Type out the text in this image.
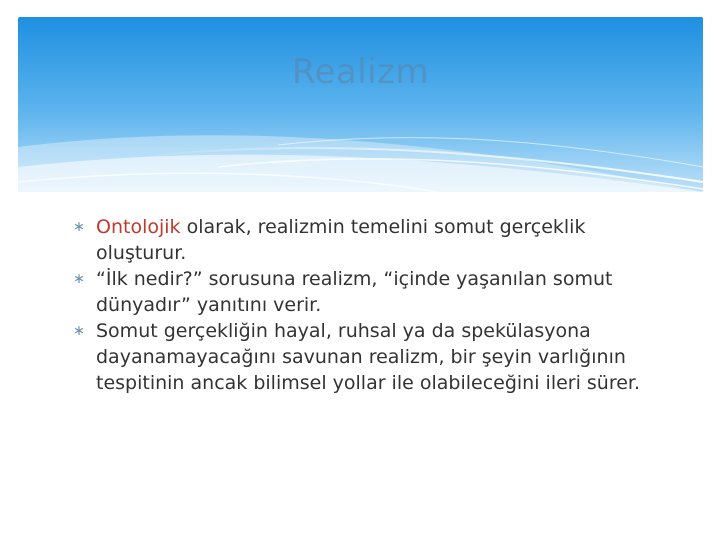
Realizm
∗ Ontolojik olarak, realizmin temelini somut gerçeklik oluşturur.
∗ “İlk nedir?” sorusuna realizm, “içinde yaşanılan somut dünyadır” yanıtını verir.
∗ Somut gerçekliğin hayal, ruhsal ya da spekülasyona dayanamayacağını savunan realizm, bir şeyin varlığının tespitinin ancak bilimsel yollar ile olabileceğini ileri sürer.
